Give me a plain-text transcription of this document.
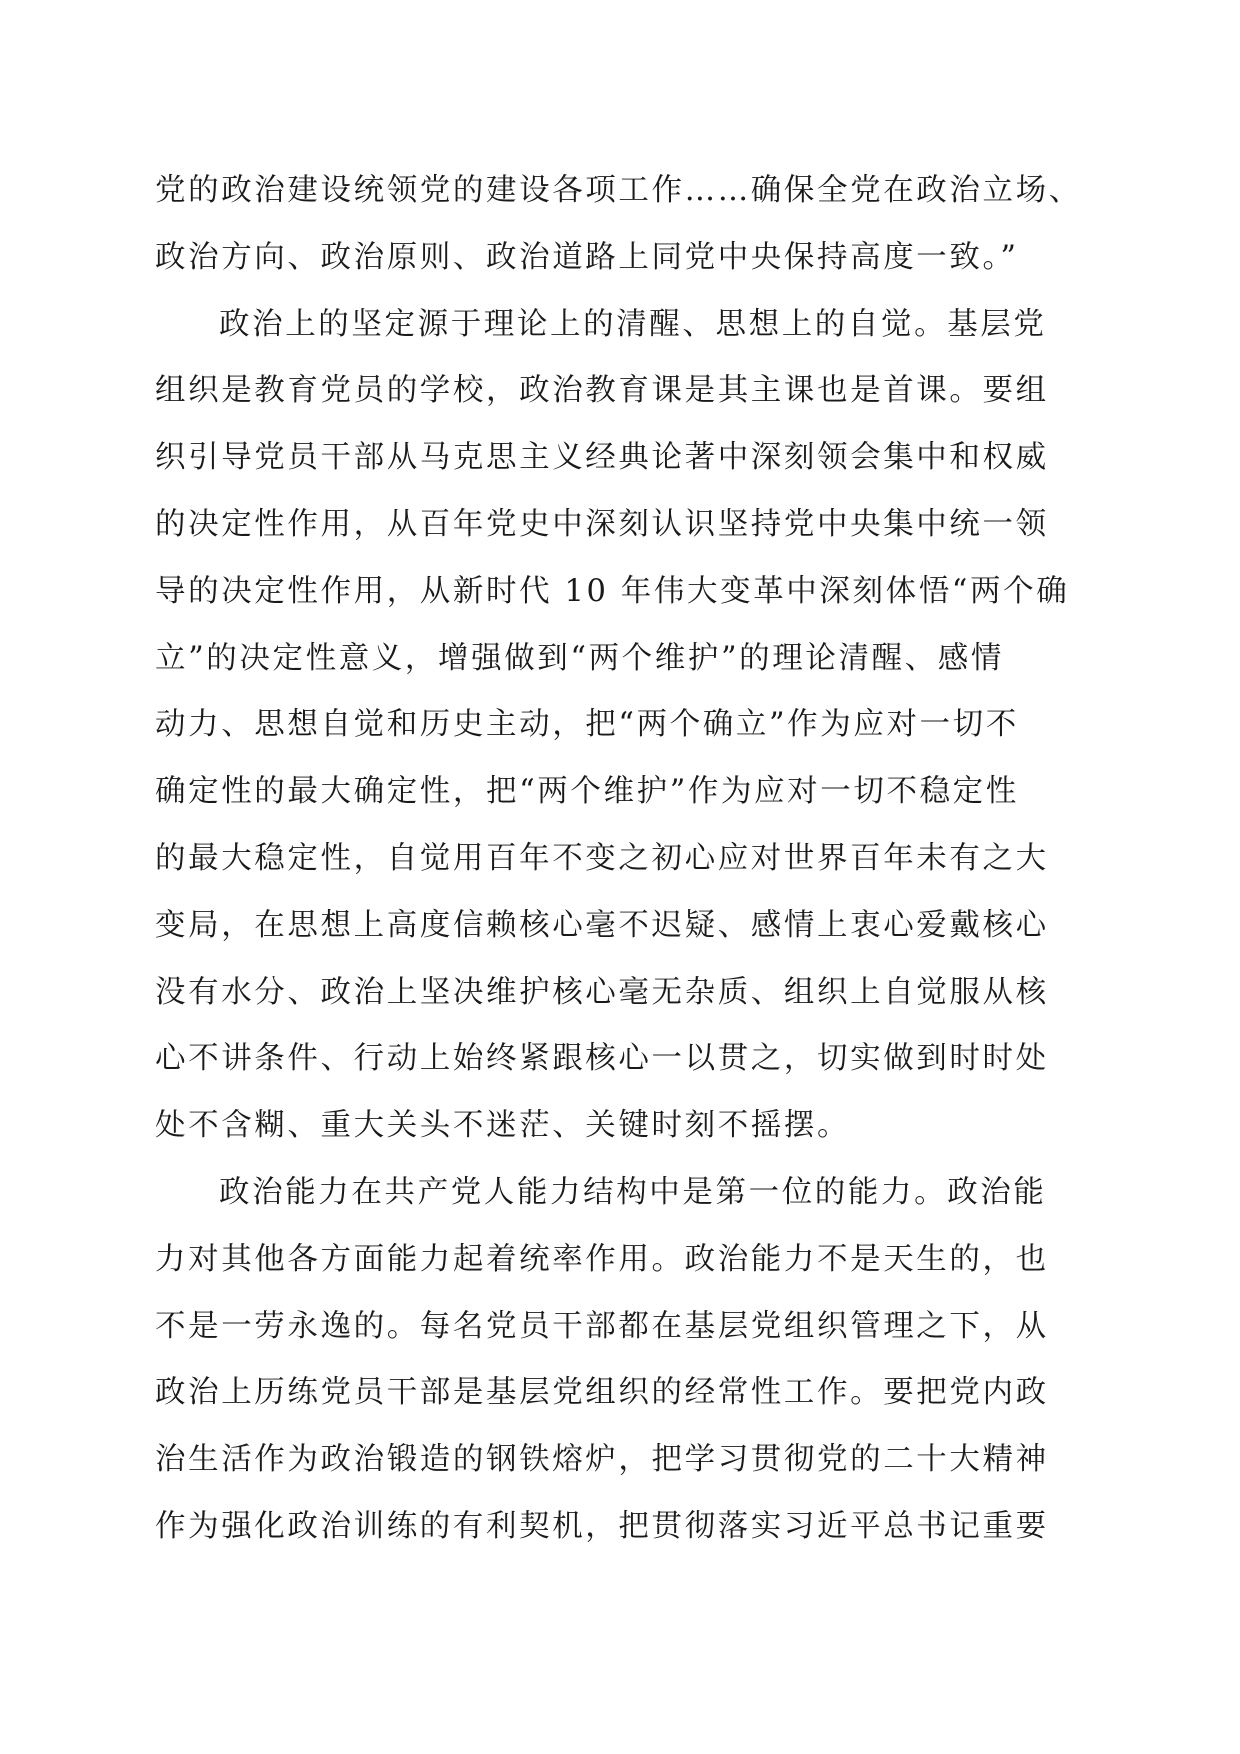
党的政治建设统领党的建设各项工作……确保全党在政治立场、
政治方向、政治原则、政治道路上同党中央保持高度一致。”
政治上的坚定源于理论上的清醒、思想上的自觉。基层党
组织是教育党员的学校，政治教育课是其主课也是首课。要组
织引导党员干部从马克思主义经典论著中深刻领会集中和权威
的决定性作用，从百年党史中深刻认识坚持党中央集中统一领
导的决定性作用，从新时代 10 年伟大变革中深刻体悟“两个确
立”的决定性意义，增强做到“两个维护”的理论清醒、感情
动力、思想自觉和历史主动，把“两个确立”作为应对一切不
确定性的最大确定性，把“两个维护”作为应对一切不稳定性
的最大稳定性，自觉用百年不变之初心应对世界百年未有之大
变局，在思想上高度信赖核心毫不迟疑、感情上衷心爱戴核心
没有水分、政治上坚决维护核心毫无杂质、组织上自觉服从核
心不讲条件、行动上始终紧跟核心一以贯之，切实做到时时处
处不含糊、重大关头不迷茫、关键时刻不摇摆。
政治能力在共产党人能力结构中是第一位的能力。政治能
力对其他各方面能力起着统率作用。政治能力不是天生的，也
不是一劳永逸的。每名党员干部都在基层党组织管理之下，从
政治上历练党员干部是基层党组织的经常性工作。要把党内政
治生活作为政治锻造的钢铁熔炉，把学习贯彻党的二十大精神
作为强化政治训练的有利契机，把贯彻落实习近平总书记重要
